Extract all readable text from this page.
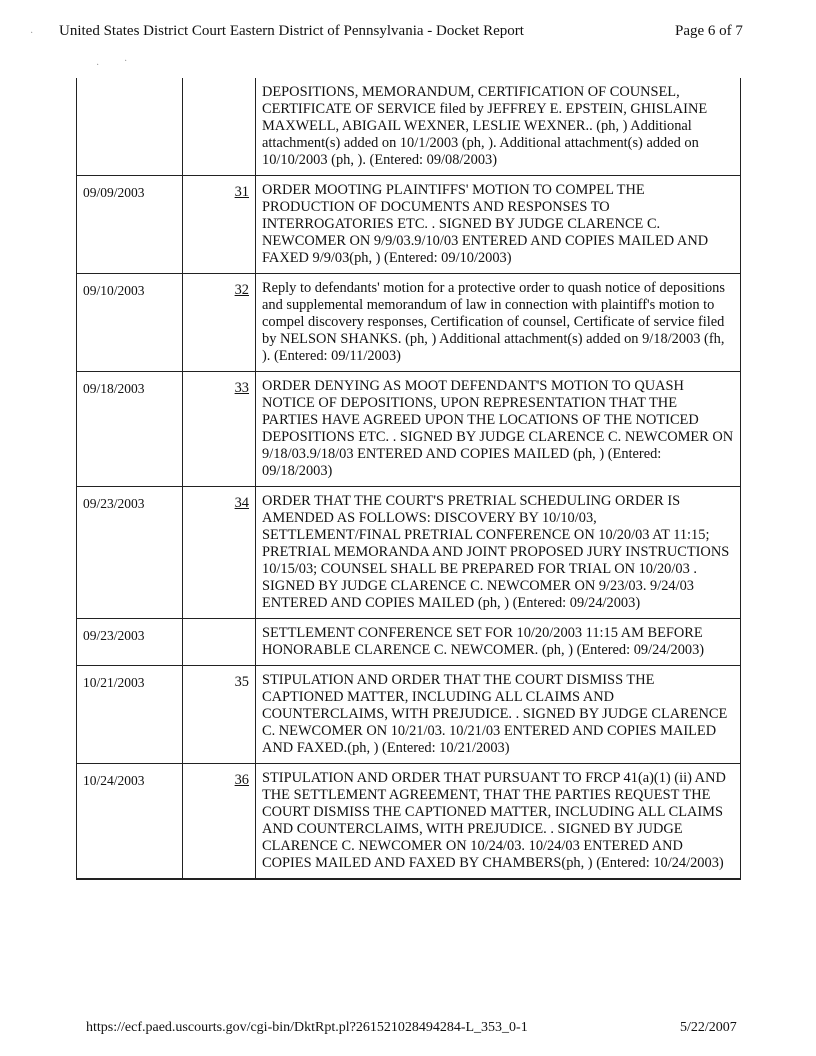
United States District Court Eastern District of Pennsylvania - Docket Report	Page 6 of 7
·
· ·
		DEPOSITIONS, MEMORANDUM, CERTIFICATION OF COUNSEL, CERTIFICATE OF SERVICE filed by JEFFREY E. EPSTEIN, GHISLAINE MAXWELL, ABIGAIL WEXNER, LESLIE WEXNER.. (ph, ) Additional attachment(s) added on 10/1/2003 (ph, ). Additional attachment(s) added on 10/10/2003 (ph, ). (Entered: 09/08/2003)
09/09/2003	31	ORDER MOOTING PLAINTIFFS' MOTION TO COMPEL THE PRODUCTION OF DOCUMENTS AND RESPONSES TO INTERROGATORIES ETC. . SIGNED BY JUDGE CLARENCE C. NEWCOMER ON 9/9/03.9/10/03 ENTERED AND COPIES MAILED AND FAXED 9/9/03(ph, ) (Entered: 09/10/2003)
09/10/2003	32	Reply to defendants' motion for a protective order to quash notice of depositions and supplemental memorandum of law in connection with plaintiff's motion to compel discovery responses, Certification of counsel, Certificate of service filed by NELSON SHANKS. (ph, ) Additional attachment(s) added on 9/18/2003 (fh, ). (Entered: 09/11/2003)
09/18/2003	33	ORDER DENYING AS MOOT DEFENDANT'S MOTION TO QUASH NOTICE OF DEPOSITIONS, UPON REPRESENTATION THAT THE PARTIES HAVE AGREED UPON THE LOCATIONS OF THE NOTICED DEPOSITIONS ETC. . SIGNED BY JUDGE CLARENCE C. NEWCOMER ON 9/18/03.9/18/03 ENTERED AND COPIES MAILED (ph, ) (Entered: 09/18/2003)
09/23/2003	34	ORDER THAT THE COURT'S PRETRIAL SCHEDULING ORDER IS AMENDED AS FOLLOWS: DISCOVERY BY 10/10/03, SETTLEMENT/FINAL PRETRIAL CONFERENCE ON 10/20/03 AT 11:15; PRETRIAL MEMORANDA AND JOINT PROPOSED JURY INSTRUCTIONS 10/15/03; COUNSEL SHALL BE PREPARED FOR TRIAL ON 10/20/03 . SIGNED BY JUDGE CLARENCE C. NEWCOMER ON 9/23/03. 9/24/03 ENTERED AND COPIES MAILED (ph, ) (Entered: 09/24/2003)
09/23/2003		SETTLEMENT CONFERENCE SET FOR 10/20/2003 11:15 AM BEFORE HONORABLE CLARENCE C. NEWCOMER. (ph, ) (Entered: 09/24/2003)
10/21/2003	35	STIPULATION AND ORDER THAT THE COURT DISMISS THE CAPTIONED MATTER, INCLUDING ALL CLAIMS AND COUNTERCLAIMS, WITH PREJUDICE. . SIGNED BY JUDGE CLARENCE C. NEWCOMER ON 10/21/03. 10/21/03 ENTERED AND COPIES MAILED AND FAXED.(ph, ) (Entered: 10/21/2003)
10/24/2003	36	STIPULATION AND ORDER THAT PURSUANT TO FRCP 41(a)(1) (ii) AND THE SETTLEMENT AGREEMENT, THAT THE PARTIES REQUEST THE COURT DISMISS THE CAPTIONED MATTER, INCLUDING ALL CLAIMS AND COUNTERCLAIMS, WITH PREJUDICE. . SIGNED BY JUDGE CLARENCE C. NEWCOMER ON 10/24/03. 10/24/03 ENTERED AND COPIES MAILED AND FAXED BY CHAMBERS(ph, ) (Entered: 10/24/2003)
https://ecf.paed.uscourts.gov/cgi-bin/DktRpt.pl?261521028494284-L_353_0-1	5/22/2007
